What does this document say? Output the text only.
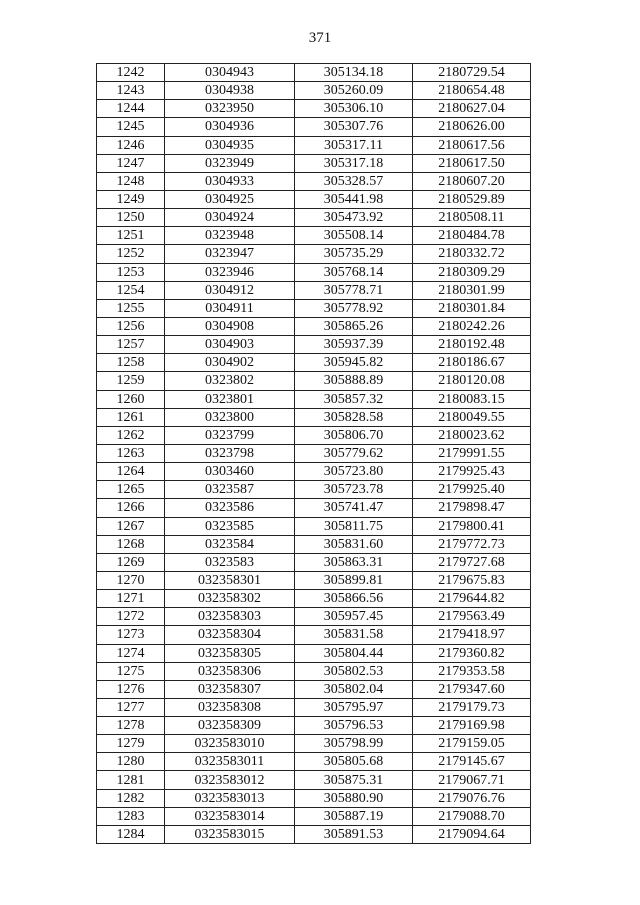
371
1242	0304943	305134.18	2180729.54
1243	0304938	305260.09	2180654.48
1244	0323950	305306.10	2180627.04
1245	0304936	305307.76	2180626.00
1246	0304935	305317.11	2180617.56
1247	0323949	305317.18	2180617.50
1248	0304933	305328.57	2180607.20
1249	0304925	305441.98	2180529.89
1250	0304924	305473.92	2180508.11
1251	0323948	305508.14	2180484.78
1252	0323947	305735.29	2180332.72
1253	0323946	305768.14	2180309.29
1254	0304912	305778.71	2180301.99
1255	0304911	305778.92	2180301.84
1256	0304908	305865.26	2180242.26
1257	0304903	305937.39	2180192.48
1258	0304902	305945.82	2180186.67
1259	0323802	305888.89	2180120.08
1260	0323801	305857.32	2180083.15
1261	0323800	305828.58	2180049.55
1262	0323799	305806.70	2180023.62
1263	0323798	305779.62	2179991.55
1264	0303460	305723.80	2179925.43
1265	0323587	305723.78	2179925.40
1266	0323586	305741.47	2179898.47
1267	0323585	305811.75	2179800.41
1268	0323584	305831.60	2179772.73
1269	0323583	305863.31	2179727.68
1270	032358301	305899.81	2179675.83
1271	032358302	305866.56	2179644.82
1272	032358303	305957.45	2179563.49
1273	032358304	305831.58	2179418.97
1274	032358305	305804.44	2179360.82
1275	032358306	305802.53	2179353.58
1276	032358307	305802.04	2179347.60
1277	032358308	305795.97	2179179.73
1278	032358309	305796.53	2179169.98
1279	0323583010	305798.99	2179159.05
1280	0323583011	305805.68	2179145.67
1281	0323583012	305875.31	2179067.71
1282	0323583013	305880.90	2179076.76
1283	0323583014	305887.19	2179088.70
1284	0323583015	305891.53	2179094.64
